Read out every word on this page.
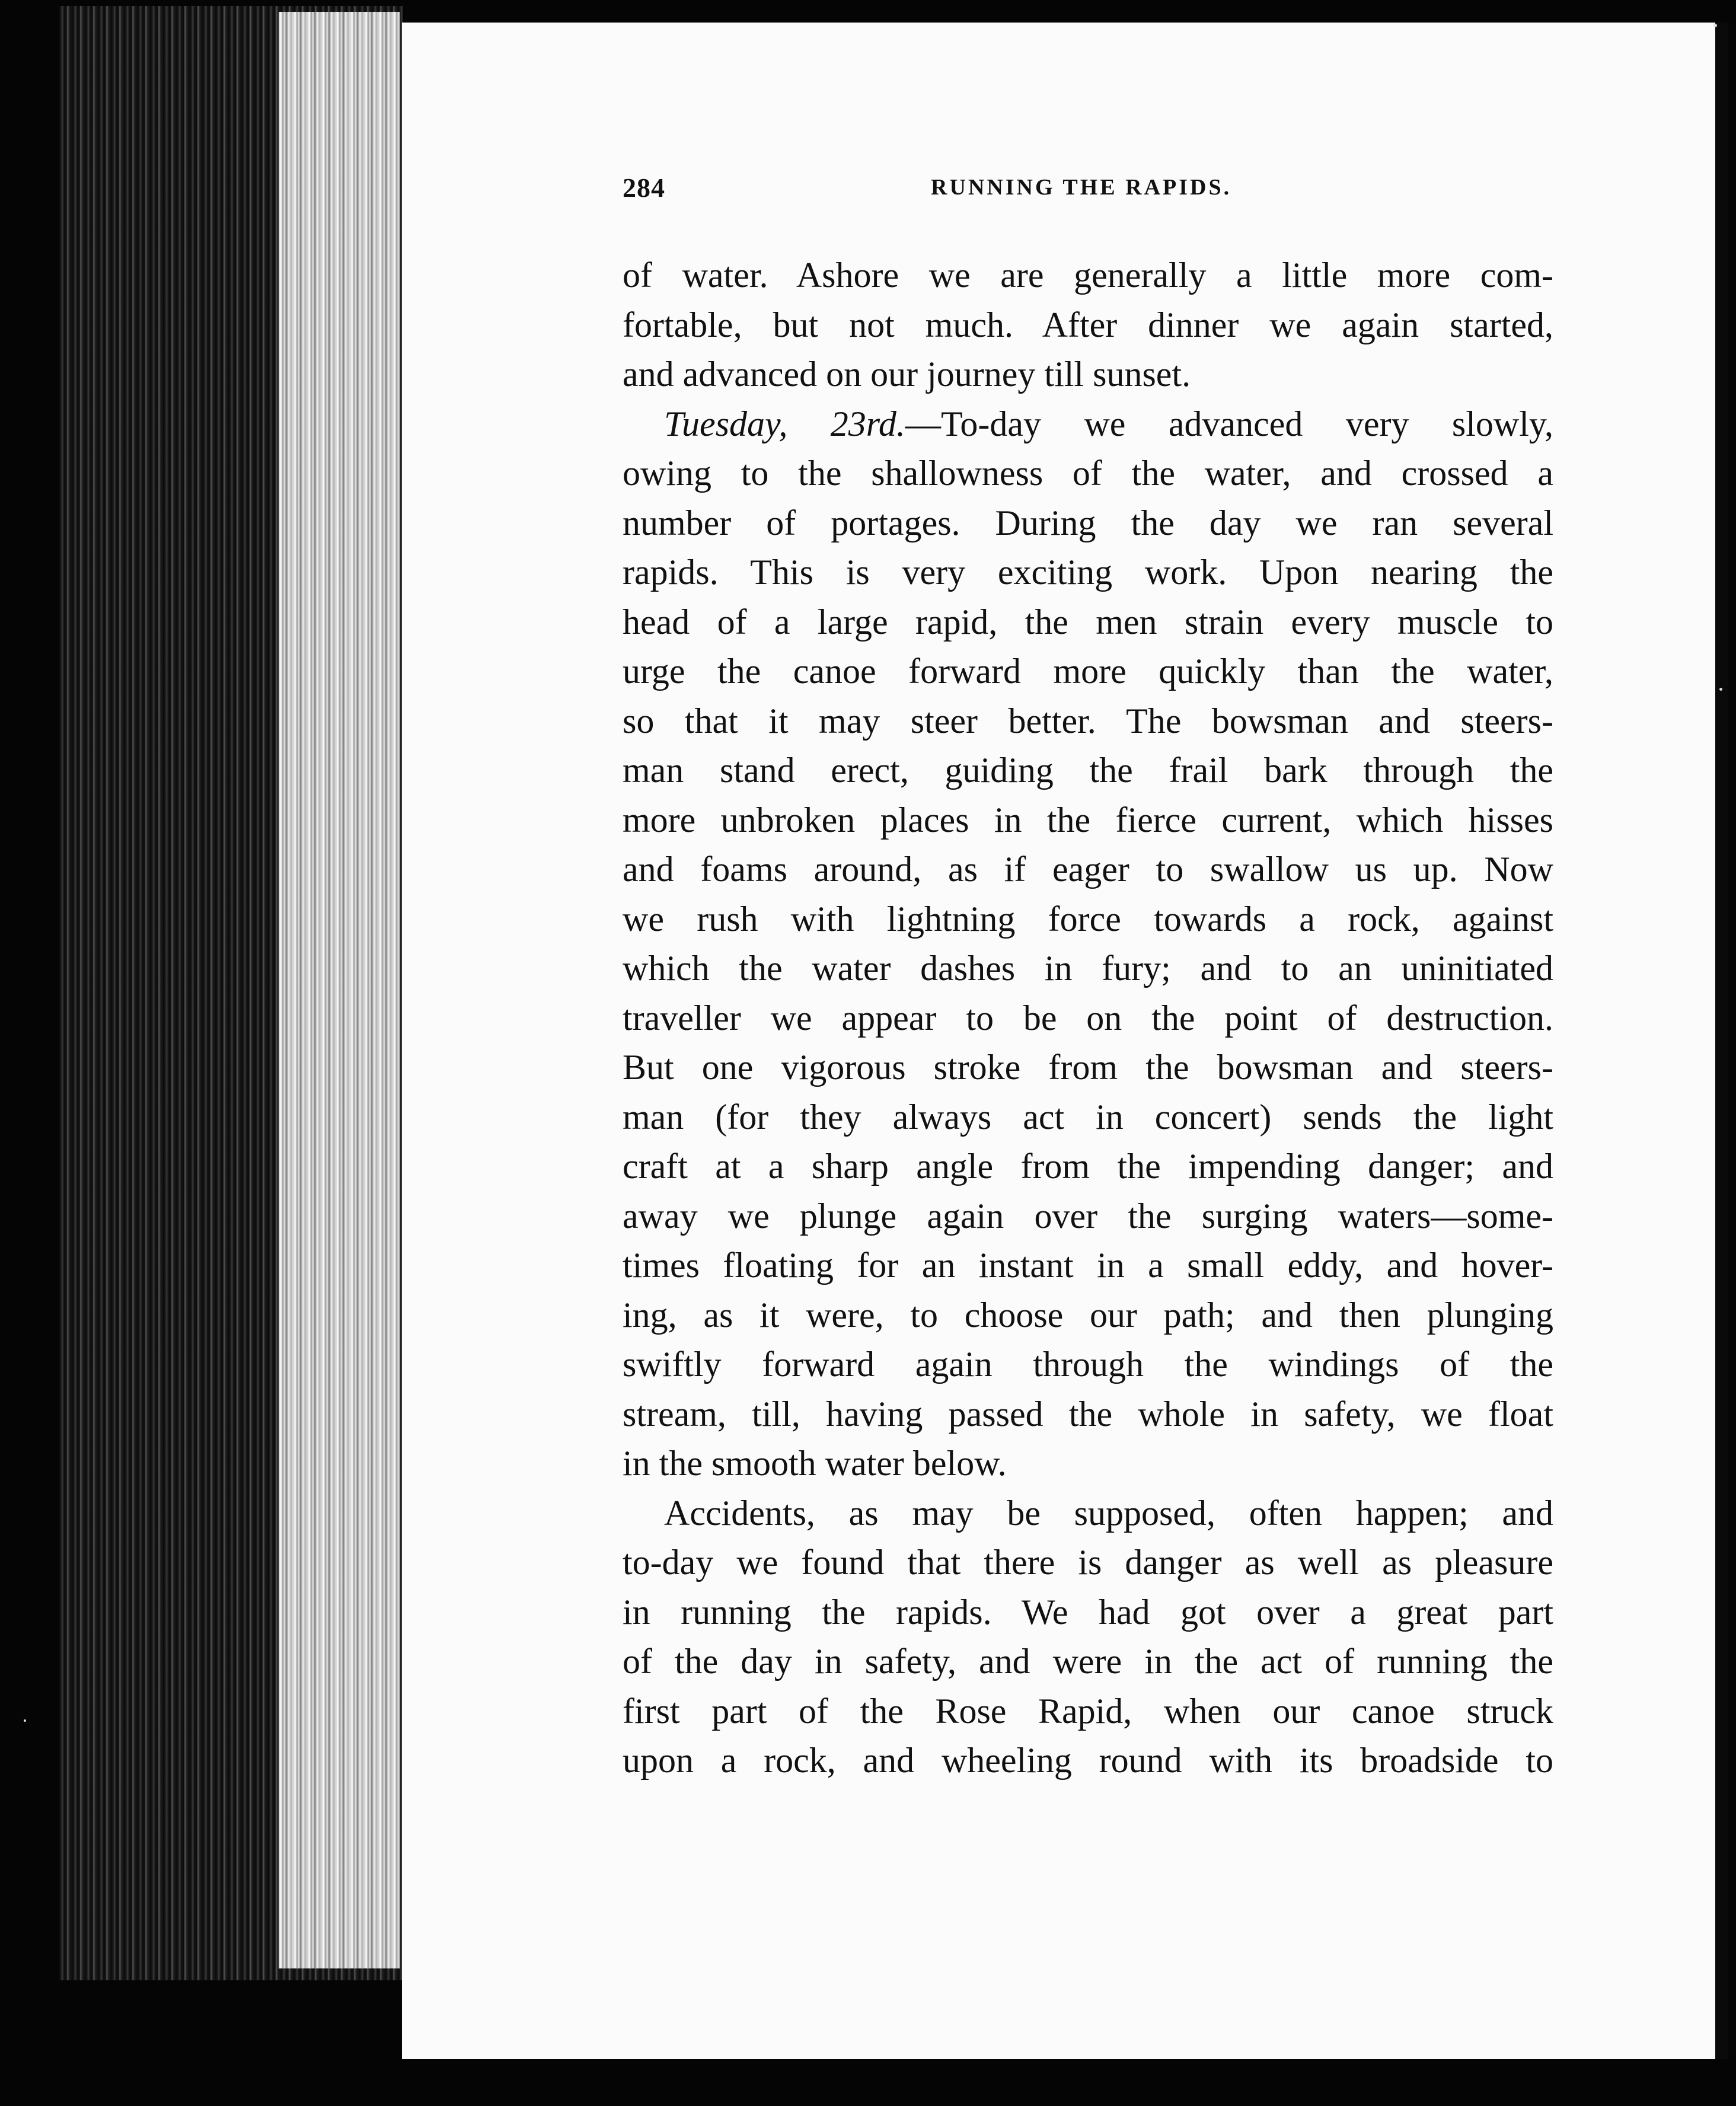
284	RUNNING THE RAPIDS.
of water. Ashore we are generally a little more com-
fortable, but not much. After dinner we again started,
and advanced on our journey till sunset.
Tuesday, 23rd.—To-day we advanced very slowly,
owing to the shallowness of the water, and crossed a
number of portages. During the day we ran several
rapids. This is very exciting work. Upon nearing the
head of a large rapid, the men strain every muscle to
urge the canoe forward more quickly than the water,
so that it may steer better. The bowsman and steers-
man stand erect, guiding the frail bark through the
more unbroken places in the fierce current, which hisses
and foams around, as if eager to swallow us up. Now
we rush with lightning force towards a rock, against
which the water dashes in fury; and to an uninitiated
traveller we appear to be on the point of destruction.
But one vigorous stroke from the bowsman and steers-
man (for they always act in concert) sends the light
craft at a sharp angle from the impending danger; and
away we plunge again over the surging waters—some-
times floating for an instant in a small eddy, and hover-
ing, as it were, to choose our path; and then plunging
swiftly forward again through the windings of the
stream, till, having passed the whole in safety, we float
in the smooth water below.
Accidents, as may be supposed, often happen; and
to-day we found that there is danger as well as pleasure
in running the rapids. We had got over a great part
of the day in safety, and were in the act of running the
first part of the Rose Rapid, when our canoe struck
upon a rock, and wheeling round with its broadside to
